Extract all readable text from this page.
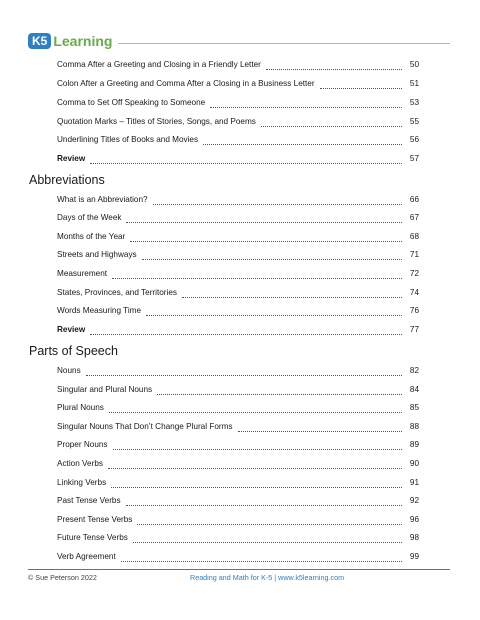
K5 Learning
Comma After a Greeting and Closing in a Friendly Letter	50
Colon After a Greeting and Comma After a Closing in a Business Letter	51
Comma to Set Off Speaking to Someone	53
Quotation Marks – Titles of Stories, Songs, and Poems	55
Underlining Titles of Books and Movies	56
Review	57
Abbreviations
What is an Abbreviation?	66
Days of the Week	67
Months of the Year	68
Streets and Highways	71
Measurement	72
States, Provinces, and Territories	74
Words Measuring Time	76
Review	77
Parts of Speech
Nouns	82
Singular and Plural Nouns	84
Plural Nouns	85
Singular Nouns That Don’t Change Plural Forms	88
Proper Nouns	89
Action Verbs	90
Linking Verbs	91
Past Tense Verbs	92
Present Tense Verbs	96
Future Tense Verbs	98
Verb Agreement	99
© Sue Peterson 2022	Reading and Math for K-5 | www.k5learning.com
